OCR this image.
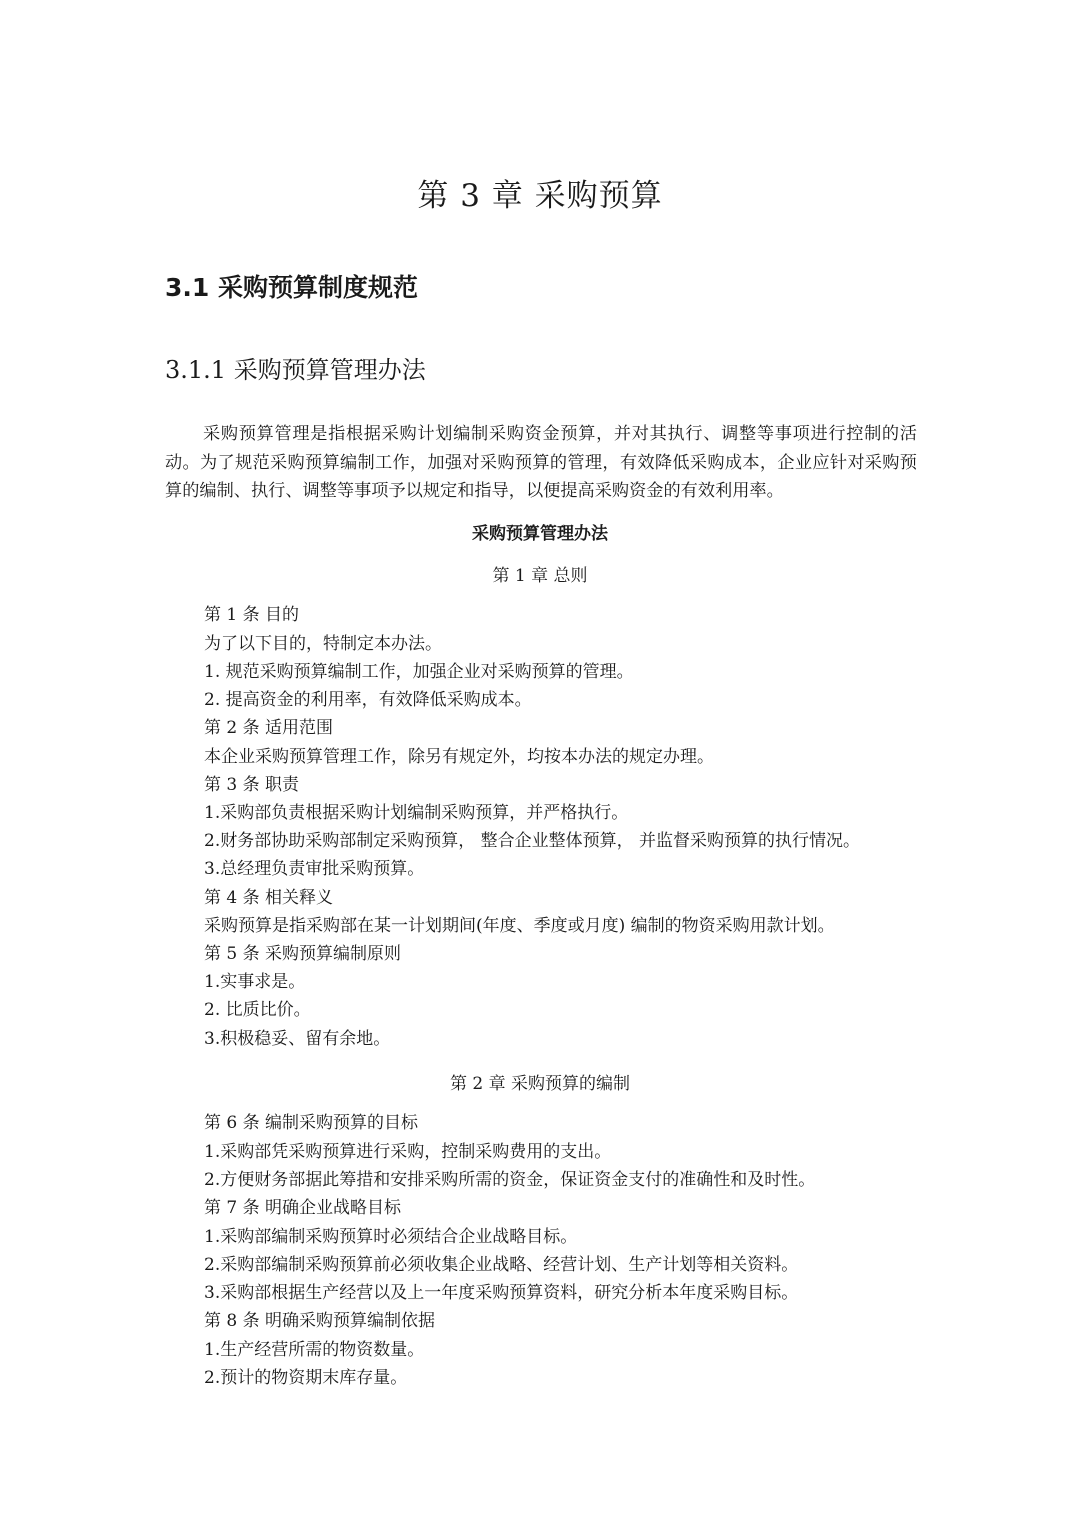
第 3 章 采购预算
3.1 采购预算制度规范
3.1.1 采购预算管理办法
采购预算管理是指根据采购计划编制采购资金预算，并对其执行、调整等事项进行控制的活动。为了规范采购预算编制工作，加强对采购预算的管理，有效降低采购成本，企业应针对采购预算的编制、执行、调整等事项予以规定和指导，以便提高采购资金的有效利用率。
采购预算管理办法
第 1 章 总则
第 1 条 目的
为了以下目的，特制定本办法。
1. 规范采购预算编制工作，加强企业对采购预算的管理。
2. 提高资金的利用率，有效降低采购成本。
第 2 条 适用范围
本企业采购预算管理工作，除另有规定外，均按本办法的规定办理。
第 3 条 职责
1.采购部负责根据采购计划编制采购预算，并严格执行。
2.财务部协助采购部制定采购预算， 整合企业整体预算， 并监督采购预算的执行情况。
3.总经理负责审批采购预算。
第 4 条 相关释义
采购预算是指采购部在某一计划期间(年度、季度或月度) 编制的物资采购用款计划。
第 5 条 采购预算编制原则
1.实事求是。
2. 比质比价。
3.积极稳妥、留有余地。
第 2 章 采购预算的编制
第 6 条 编制采购预算的目标
1.采购部凭采购预算进行采购，控制采购费用的支出。
2.方便财务部据此筹措和安排采购所需的资金，保证资金支付的准确性和及时性。
第 7 条 明确企业战略目标
1.采购部编制采购预算时必须结合企业战略目标。
2.采购部编制采购预算前必须收集企业战略、经营计划、生产计划等相关资料。
3.采购部根据生产经营以及上一年度采购预算资料，研究分析本年度采购目标。
第 8 条 明确采购预算编制依据
1.生产经营所需的物资数量。
2.预计的物资期末库存量。
